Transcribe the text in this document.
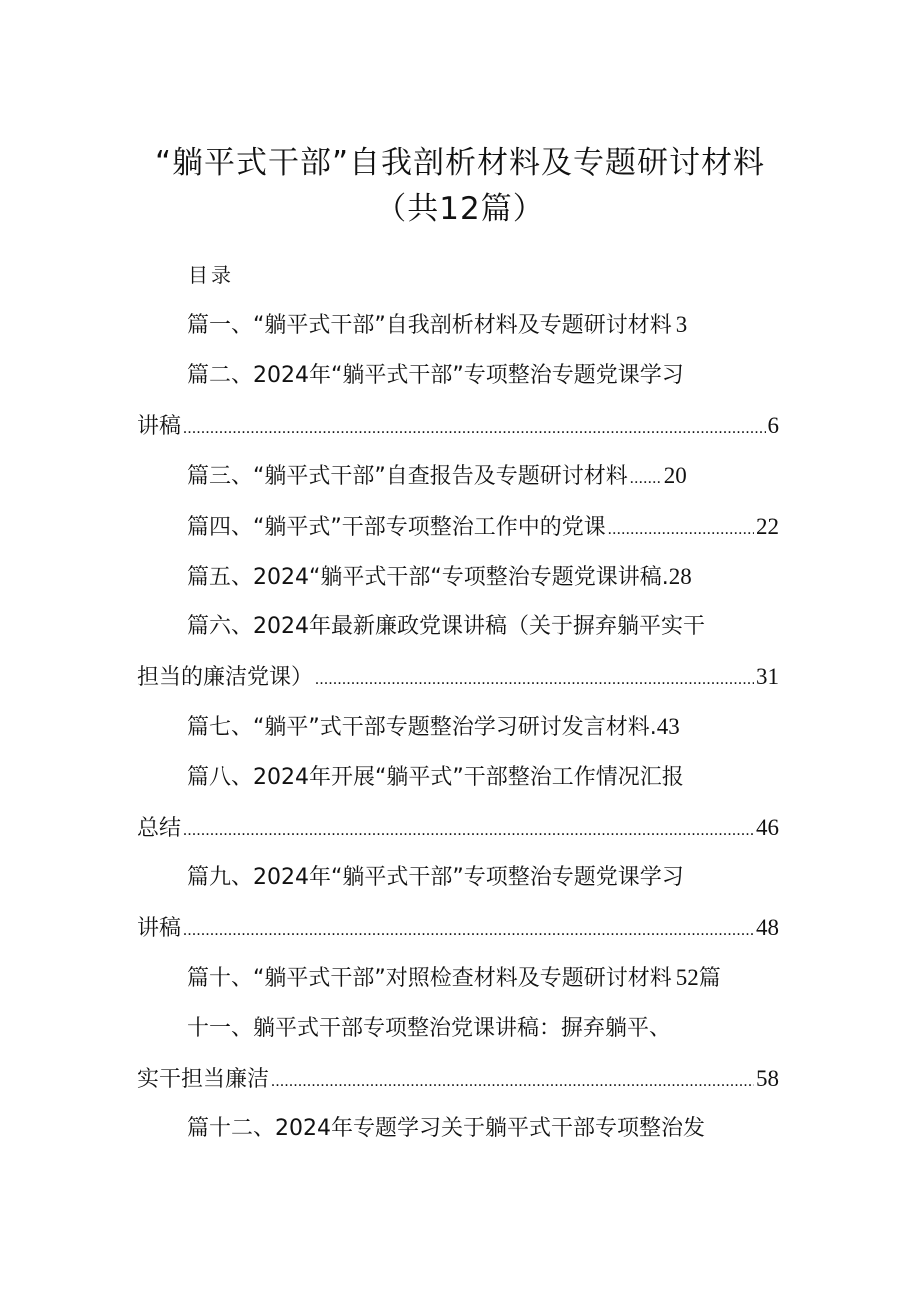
“躺平式干部”自我剖析材料及专题研讨材料（共12篇）
目录
篇一、“躺平式干部”自我剖析材料及专题研讨材料 3
篇二、2024年“躺平式干部”专项整治专题党课学习
讲稿 .....	6
篇三、“躺平式干部”自查报告及专题研讨材料 ..... 20
篇四、“躺平式”干部专项整治工作中的党课 .....	22
篇五、2024“躺平式干部“专项整治专题党课讲稿. 28
篇六、2024年最新廉政党课讲稿（关于摒弃躺平实干
担当的廉洁党课） .....	31
篇七、“躺平”式干部专题整治学习研讨发言材料. 43
篇八、2024年开展“躺平式”干部整治工作情况汇报
总结 .....	46
篇九、2024年“躺平式干部”专项整治专题党课学习
讲稿 .....	48
篇十、“躺平式干部”对照检查材料及专题研讨材料 52 篇
十一、躺平式干部专项整治党课讲稿：摒弃躺平、
实干担当廉洁 .....	58
篇十二、2024年专题学习关于躺平式干部专项整治发
